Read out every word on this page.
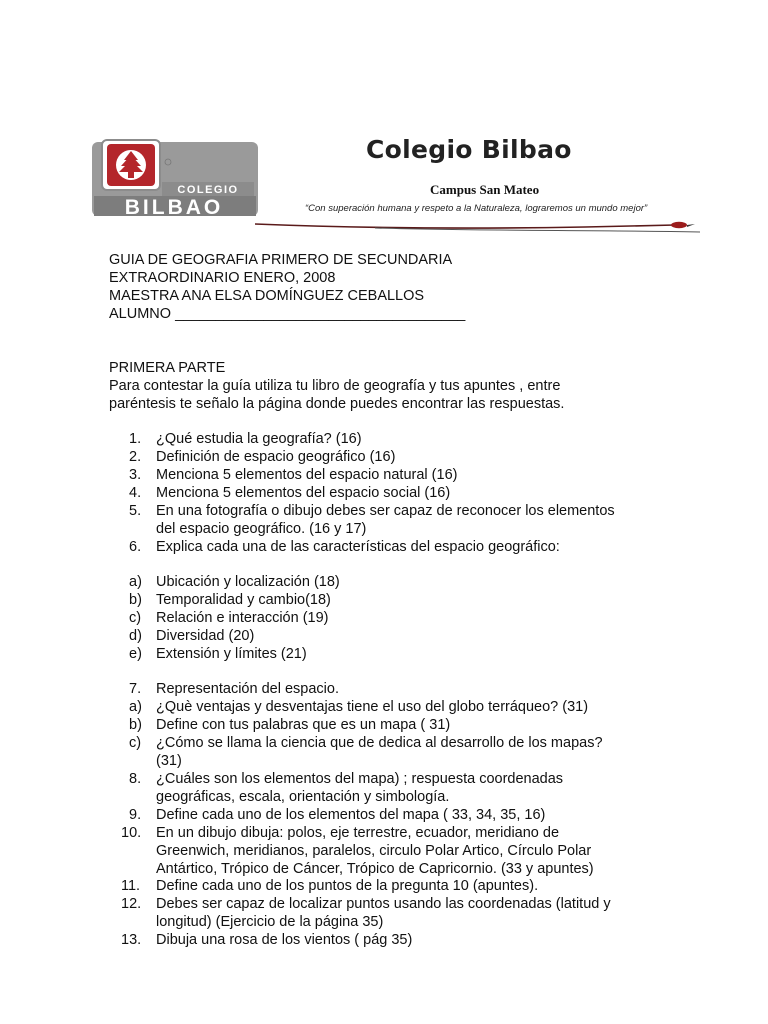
COLEGIO
BILBAO
Colegio Bilbao
Campus San Mateo
“Con superación humana y respeto a la Naturaleza, lograremos un mundo mejor”
GUIA DE GEOGRAFIA PRIMERO DE SECUNDARIA
EXTRAORDINARIO ENERO, 2008
MAESTRA ANA ELSA DOMÍNGUEZ CEBALLOS
ALUMNO ____________________________________
PRIMERA PARTE
Para contestar la guía utiliza tu libro de geografía y tus apuntes , entre
paréntesis te señalo la página donde puedes encontrar las respuestas.
1. ¿Qué estudia la geografía? (16)
2. Definición de espacio geográfico (16)
3. Menciona 5 elementos del espacio natural (16)
4. Menciona 5 elementos del espacio social (16)
5. En una fotografía o dibujo debes ser capaz de reconocer los elementos
del espacio geográfico. (16 y 17)
6. Explica cada una de las características del espacio geográfico:
a) Ubicación y localización (18)
b) Temporalidad y cambio(18)
c) Relación e interacción (19)
d) Diversidad (20)
e) Extensión y límites (21)
7. Representación del espacio.
a) ¿Què ventajas y desventajas tiene el uso del globo terráqueo? (31)
b) Define con tus palabras que es un mapa ( 31)
c) ¿Cómo se llama la ciencia que de dedica al desarrollo de los mapas?
(31)
8. ¿Cuáles son los elementos del mapa) ; respuesta coordenadas
geográficas, escala, orientación y simbología.
9. Define cada uno de los elementos del mapa ( 33, 34, 35, 16)
10. En un dibujo dibuja: polos, eje terrestre, ecuador, meridiano de
Greenwich, meridianos, paralelos, circulo Polar Artico, Círculo Polar
Antártico, Trópico de Cáncer, Trópico de Capricornio. (33 y apuntes)
11. Define cada uno de los puntos de la pregunta 10 (apuntes).
12. Debes ser capaz de localizar puntos usando las coordenadas (latitud y
longitud) (Ejercicio de la página 35)
13. Dibuja una rosa de los vientos ( pág 35)
